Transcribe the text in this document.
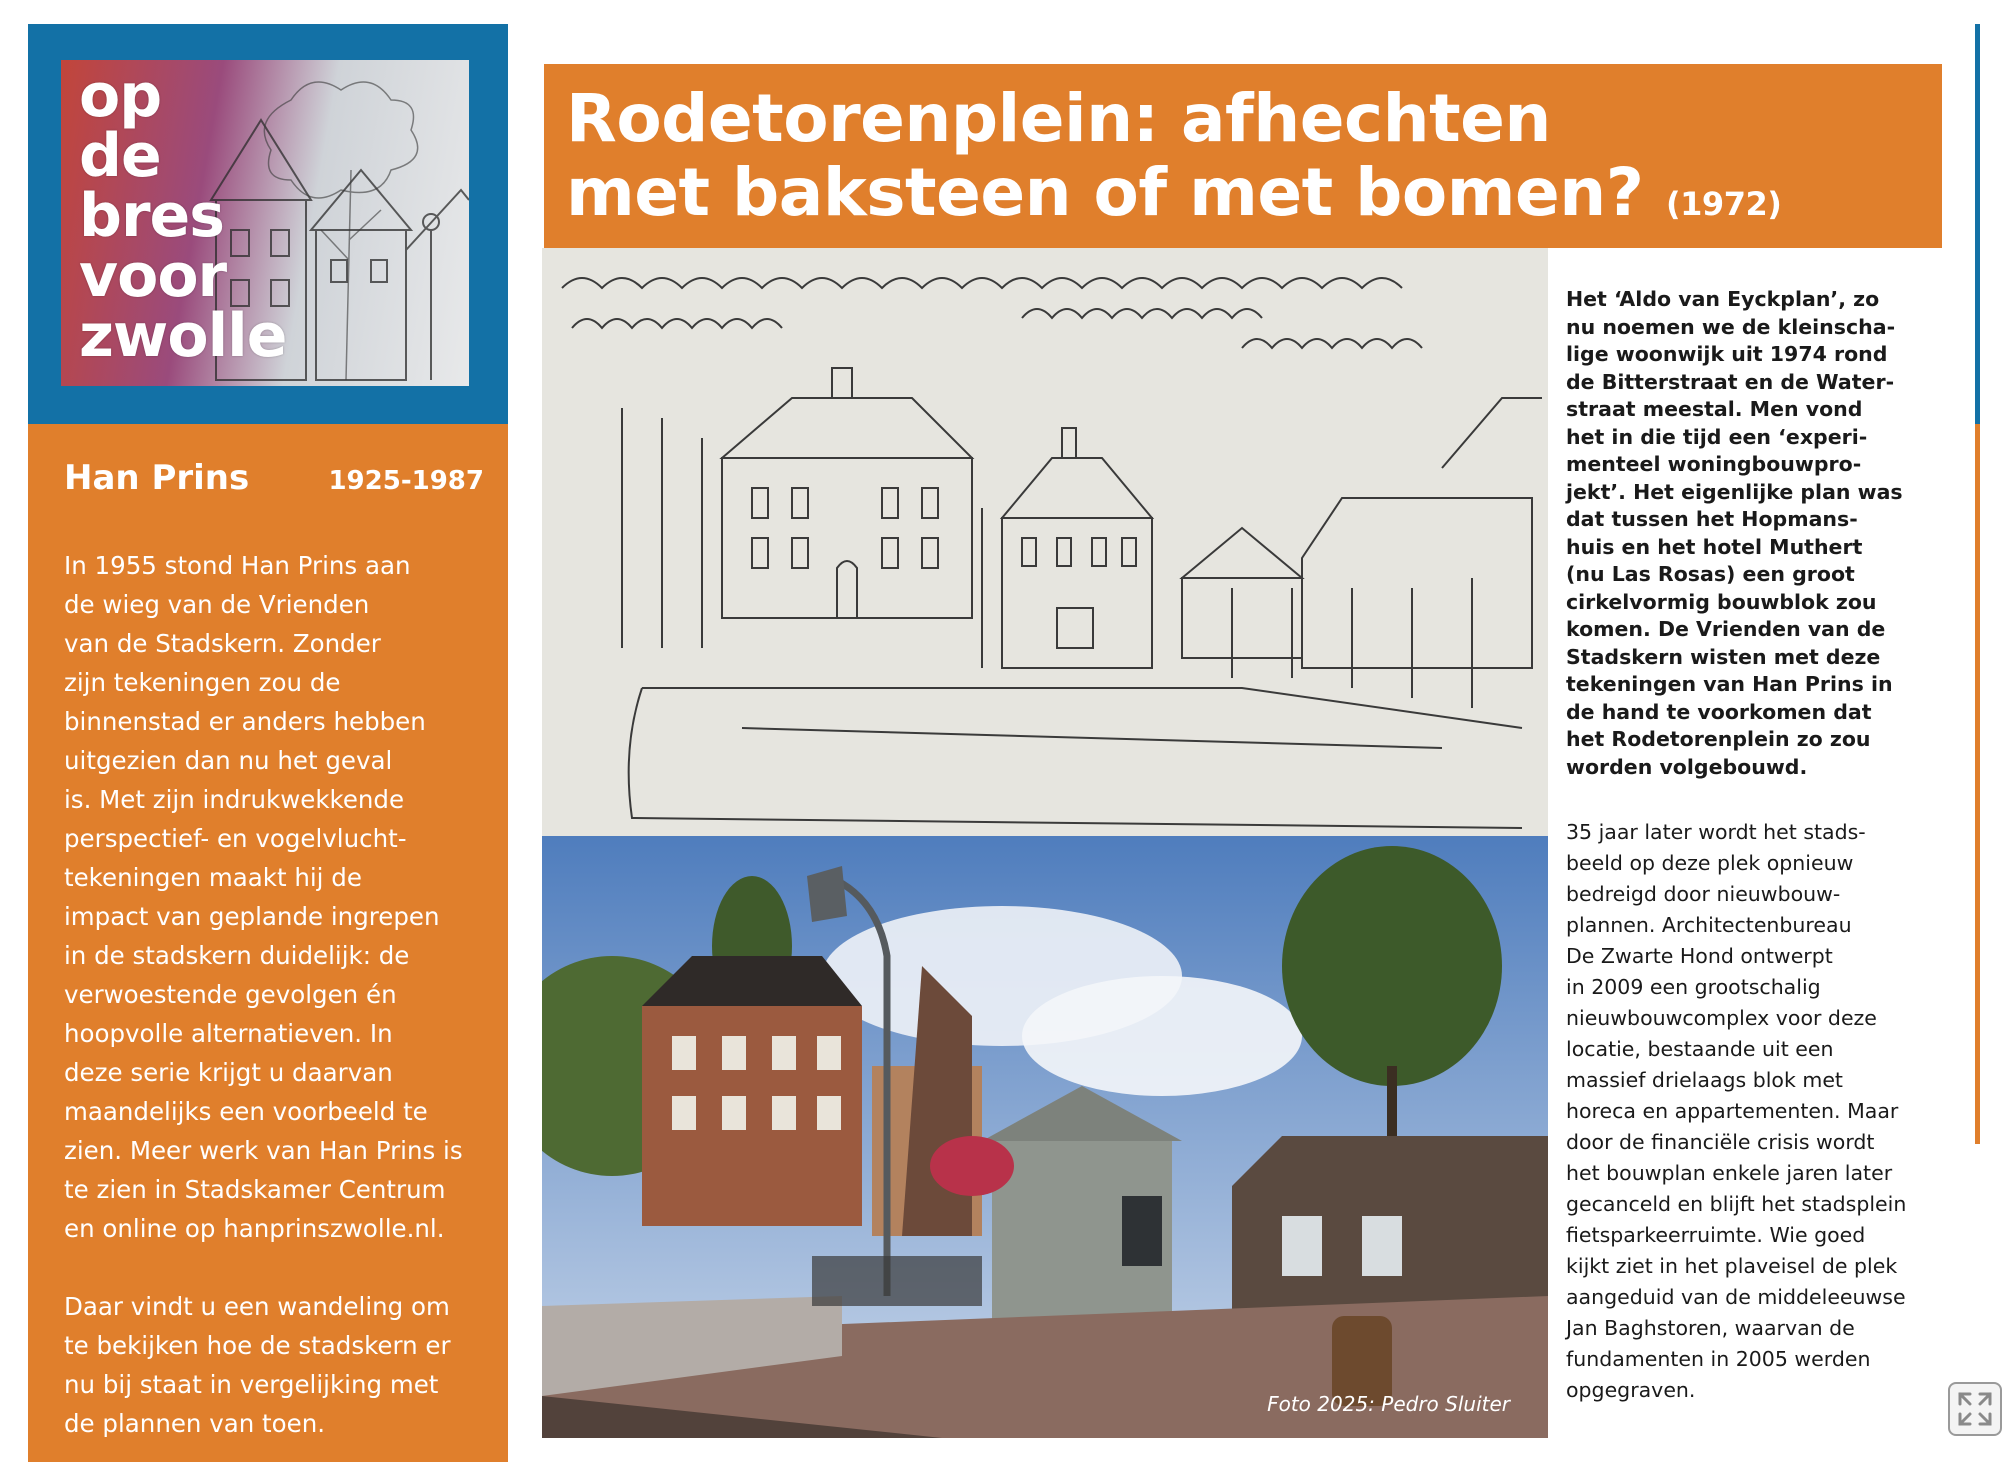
op
de
bres
voor
zwolle
Han Prins	1925-1987

In 1955 stond Han Prins aan
de wieg van de Vrienden
van de Stadskern. Zonder
zijn tekeningen zou de
binnenstad er anders hebben
uitgezien dan nu het geval
is. Met zijn indrukwekkende
perspectief- en vogelvlucht-
tekeningen maakt hij de
impact van geplande ingrepen
in de stadskern duidelijk: de
verwoestende gevolgen én
hoopvolle alternatieven. In
deze serie krijgt u daarvan
maandelijks een voorbeeld te
zien. Meer werk van Han Prins is
te zien in Stadskamer Centrum
en online op hanprinszwolle.nl.

Daar vindt u een wandeling om
te bekijken hoe de stadskern er
nu bij staat in vergelijking met
de plannen van toen.

Rodetorenplein: afhechten
met baksteen of met bomen? (1972)
Foto 2025: Pedro Sluiter
Het ‘Aldo van Eyckplan’, zo
nu noemen we de kleinscha-
lige woonwijk uit 1974 rond
de Bitterstraat en de Water-
straat meestal. Men vond
het in die tijd een ‘experi-
menteel woningbouwpro-
jekt’. Het eigenlijke plan was
dat tussen het Hopmans-
huis en het hotel Muthert
(nu Las Rosas) een groot
cirkelvormig bouwblok zou
komen. De Vrienden van de
Stadskern wisten met deze
tekeningen van Han Prins in
de hand te voorkomen dat
het Rodetorenplein zo zou
worden volgebouwd.
35 jaar later wordt het stads-
beeld op deze plek opnieuw
bedreigd door nieuwbouw-
plannen. Architectenbureau
De Zwarte Hond ontwerpt
in 2009 een grootschalig
nieuwbouwcomplex voor deze
locatie, bestaande uit een
massief drielaags blok met
horeca en appartementen. Maar
door de financiële crisis wordt
het bouwplan enkele jaren later
gecanceld en blijft het stadsplein
fietsparkeerruimte. Wie goed
kijkt ziet in het plaveisel de plek
aangeduid van de middeleeuwse
Jan Baghstoren, waarvan de
fundamenten in 2005 werden
opgegraven.
